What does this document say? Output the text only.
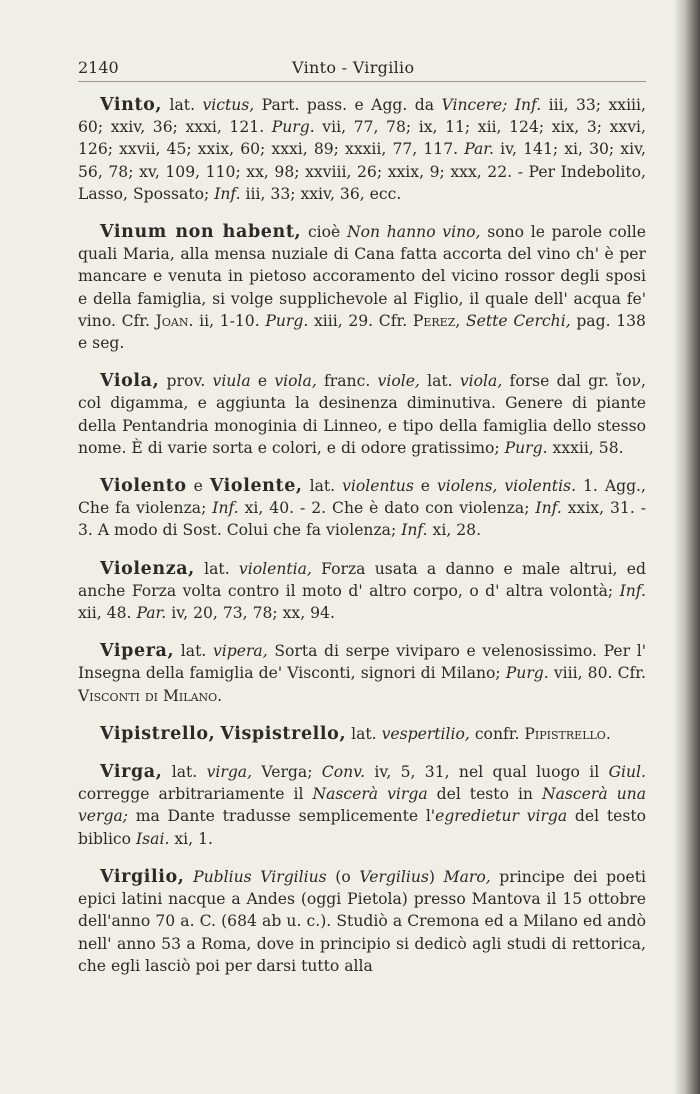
2140	Vinto - Virgilio

Vinto, lat. victus, Part. pass. e Agg. da Vincere; Inf. iii, 33; xxiii, 60; xxiv, 36; xxxi, 121. Purg. vii, 77, 78; ix, 11; xii, 124; xix, 3; xxvi, 126; xxvii, 45; xxix, 60; xxxi, 89; xxxii, 77, 117. Par. iv, 141; xi, 30; xiv, 56, 78; xv, 109, 110; xx, 98; xxviii, 26; xxix, 9; xxx, 22. - Per Indebolito, Lasso, Spossato; Inf. iii, 33; xxiv, 36, ecc.

Vinum non habent, cioè Non hanno vino, sono le parole colle quali Maria, alla mensa nuziale di Cana fatta accorta del vino ch' è per mancare e venuta in pietoso accoramento del vicino rossor degli sposi e della famiglia, si volge supplichevole al Figlio, il quale dell' acqua fe' vino. Cfr. Joan. ii, 1-10. Purg. xiii, 29. Cfr. Perez, Sette Cerchi, pag. 138 e seg.

Viola, prov. viula e viola, franc. viole, lat. viola, forse dal gr. ἴον, col digamma, e aggiunta la desinenza diminutiva. Genere di piante della Pentandria monoginia di Linneo, e tipo della famiglia dello stesso nome. È di varie sorta e colori, e di odore gratissimo; Purg. xxxii, 58.

Violento e Violente, lat. violentus e violens, violentis. 1. Agg., Che fa violenza; Inf. xi, 40. - 2. Che è dato con violenza; Inf. xxix, 31. - 3. A modo di Sost. Colui che fa violenza; Inf. xi, 28.

Violenza, lat. violentia, Forza usata a danno e male altrui, ed anche Forza volta contro il moto d' altro corpo, o d' altra volontà; Inf. xii, 48. Par. iv, 20, 73, 78; xx, 94.

Vipera, lat. vipera, Sorta di serpe viviparo e velenosissimo. Per l' Insegna della famiglia de' Visconti, signori di Milano; Purg. viii, 80. Cfr. Visconti di Milano.

Vipistrello, Vispistrello, lat. vespertilio, confr. Pipistrello.

Virga, lat. virga, Verga; Conv. iv, 5, 31, nel qual luogo il Giul. corregge arbitrariamente il Nascerà virga del testo in Nascerà una verga; ma Dante tradusse semplicemente l'egredietur virga del testo biblico Isai. xi, 1.

Virgilio, Publius Virgilius (o Vergilius) Maro, principe dei poeti epici latini nacque a Andes (oggi Pietola) presso Mantova il 15 ottobre dell'anno 70 a. C. (684 ab u. c.). Studiò a Cremona ed a Milano ed andò nell' anno 53 a Roma, dove in principio si dedicò agli studi di rettorica, che egli lasciò poi per darsi tutto alla
